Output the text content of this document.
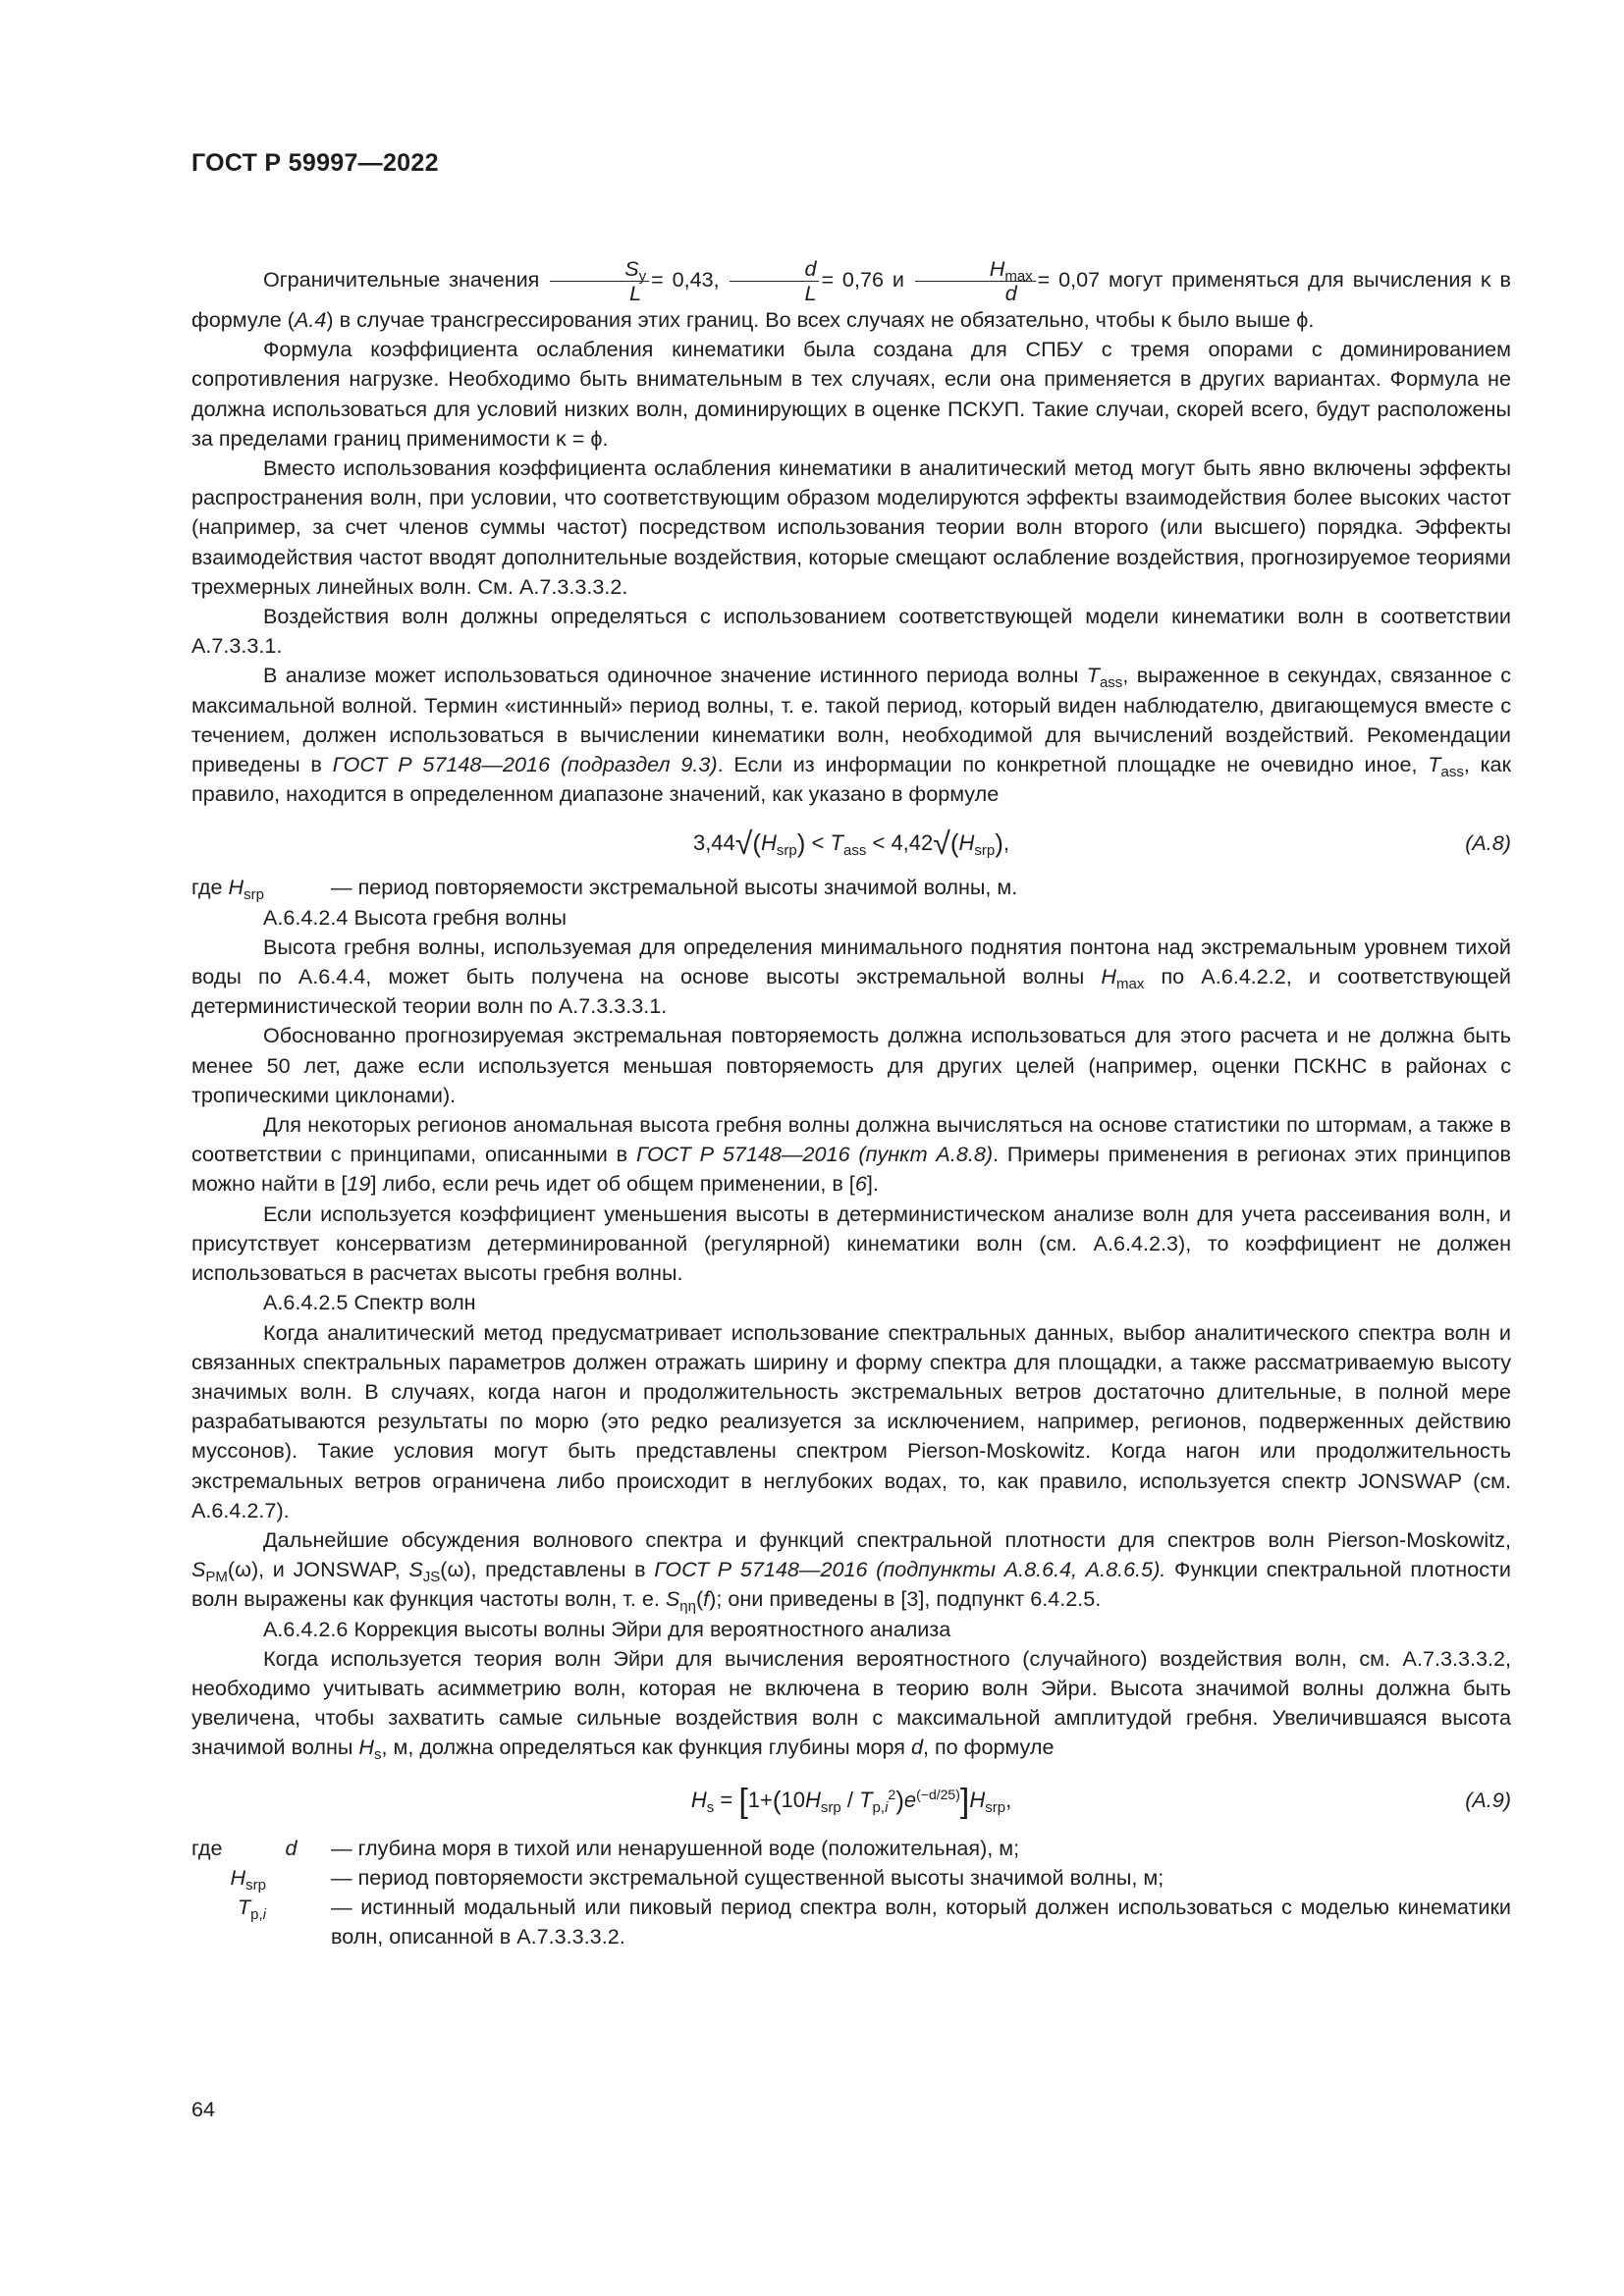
ГОСТ Р 59997—2022

Ограничительные значения $\frac{S_y}{L} = 0,43$, $\frac{d}{L} = 0,76$ и	$H_{max}$
d
= 0,07 могут применяться для вычисления κ в формуле (A.4) в случае трансгрессирования этих границ. Во всех случаях не обязательно, чтобы κ было выше ϕ.

Формула коэффициента ослабления кинематики была создана для СПБУ с тремя опорами с доминированием сопротивления нагрузке. Необходимо быть внимательным в тех случаях, если она применяется в других вариантах. Формула не должна использоваться для условий низких волн, доминирующих в оценке ПСКУП. Такие случаи, скорей всего, будут расположены за пределами границ применимости κ = ϕ.

Вместо использования коэффициента ослабления кинематики в аналитический метод могут быть явно включены эффекты распространения волн, при условии, что соответствующим образом моделируются эффекты взаимодействия более высоких частот (например, за счет членов суммы частот) посредством использования теории волн второго (или высшего) порядка. Эффекты взаимодействия частот вводят дополнительные воздействия, которые смещают ослабление воздействия, прогнозируемое теориями трехмерных линейных волн. См. А.7.3.3.3.2.

Воздействия волн должны определяться с использованием соответствующей модели кинематики волн в соответствии А.7.3.3.1.

В анализе может использоваться одиночное значение истинного периода волны $T_{ass}$, выраженное в секундах, связанное с максимальной волной. Термин «истинный» период волны, т. е. такой период, который виден наблюдателю, двигающемуся вместе с течением, должен использоваться в вычислении кинематики волн, необходимой для вычислений воздействий. Рекомендации приведены в ГОСТ Р 57148—2016 (подраздел 9.3). Если из информации по конкретной площадке не очевидно иное, $T_{ass}$, как правило, находится в определенном диапазоне значений, как указано в формуле

$3,44√(H_{srp}) < T_{ass} < 4,42√(H_{srp})$,	(A.8)
где $H_{srp}$	— период повторяемости экстремальной высоты значимой волны, м.

А.6.4.2.4 Высота гребня волны

Высота гребня волны, используемая для определения минимального поднятия понтона над экстремальным уровнем тихой воды по А.6.4.4, может быть получена на основе высоты экстремальной волны $H_{max}$ по А.6.4.2.2, и соответствующей детерминистической теории волн по А.7.3.3.3.1.

Обоснованно прогнозируемая экстремальная повторяемость должна использоваться для этого расчета и не должна быть менее 50 лет, даже если используется меньшая повторяемость для других целей (например, оценки ПСКНС в районах с тропическими циклонами).

Для некоторых регионов аномальная высота гребня волны должна вычисляться на основе статистики по штормам, а также в соответствии с принципами, описанными в ГОСТ Р 57148—2016 (пункт А.8.8). Примеры применения в регионах этих принципов можно найти в [19] либо, если речь идет об общем применении, в [6].

Если используется коэффициент уменьшения высоты в детерминистическом анализе волн для учета рассеивания волн, и присутствует консерватизм детерминированной (регулярной) кинематики волн (см. А.6.4.2.3), то коэффициент не должен использоваться в расчетах высоты гребня волны.

А.6.4.2.5 Спектр волн

Когда аналитический метод предусматривает использование спектральных данных, выбор аналитического спектра волн и связанных спектральных параметров должен отражать ширину и форму спектра для площадки, а также рассматриваемую высоту значимых волн. В случаях, когда нагон и продолжительность экстремальных ветров достаточно длительные, в полной мере разрабатываются результаты по морю (это редко реализуется за исключением, например, регионов, подверженных действию муссонов). Такие условия могут быть представлены спектром Pierson-Moskowitz. Когда нагон или продолжительность экстремальных ветров ограничена либо происходит в неглубоких водах, то, как правило, используется спектр JONSWAP (см. А.6.4.2.7).

Дальнейшие обсуждения волнового спектра и функций спектральной плотности для спектров волн Pierson-Moskowitz, $S_{PM}(\omega)$, и JONSWAP, $S_{JS}(\omega)$, представлены в ГОСТ Р 57148—2016 (подпункты А.8.6.4, А.8.6.5). Функции спектральной плотности волн выражены как функция частоты волн, т. е. $S_{\eta\eta}(f)$; они приведены в [3], подпункт 6.4.2.5.

А.6.4.2.6 Коррекция высоты волны Эйри для вероятностного анализа

Когда используется теория волн Эйри для вычисления вероятностного (случайного) воздействия волн, см. А.7.3.3.3.2, необходимо учитывать асимметрию волн, которая не включена в теорию волн Эйри. Высота значимой волны должна быть увеличена, чтобы захватить самые сильные воздействия волн с максимальной амплитудой гребня. Увеличившаяся высота значимой волны $H_s$, м, должна определяться как функция глубины моря d, по формуле

$H_s = [1+(10H_{srp} / T_{p,i}^2)e^{(-d/25)}]H_{srp}$,	(A.9)
где	d	— глубина моря в тихой или ненарушенной воде (положительная), м;
$H_{srp}$	— период повторяемости экстремальной существенной высоты значимой волны, м;
$T_{p,i}$	— истинный модальный или пиковый период спектра волн, который должен использоваться с моделью кинематики волн, описанной в А.7.3.3.3.2.
64
